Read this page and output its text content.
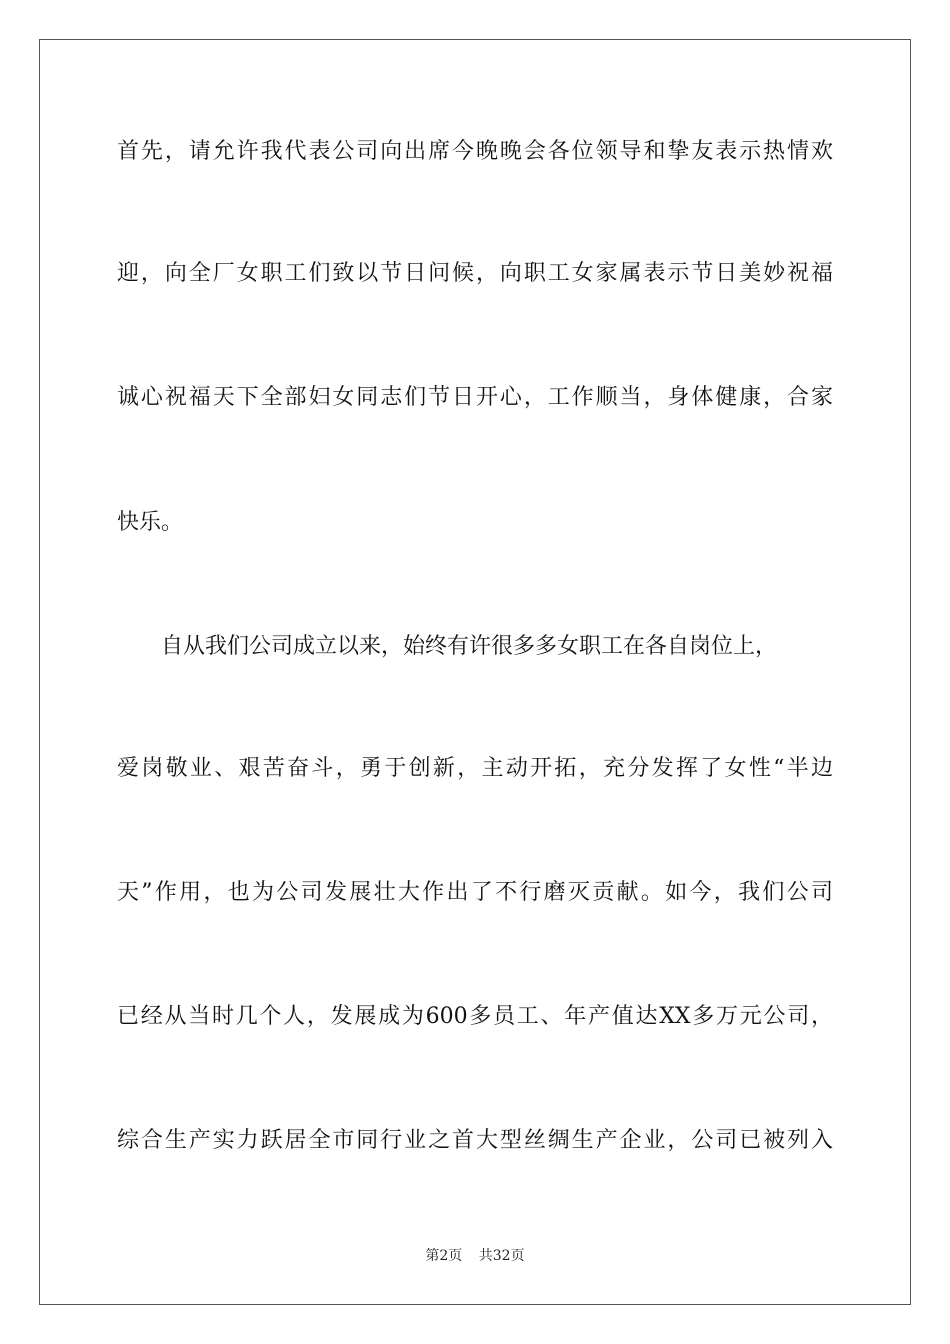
首先，请允许我代表公司向出席今晚晚会各位领导和挚友表示热情欢
迎，向全厂女职工们致以节日问候，向职工女家属表示节日美妙祝福
诚心祝福天下全部妇女同志们节日开心，工作顺当，身体健康，合家
快乐。
　　自从我们公司成立以来，始终有许很多多女职工在各自岗位上，
爱岗敬业、艰苦奋斗，勇于创新，主动开拓，充分发挥了女性“半边
天”作用，也为公司发展壮大作出了不行磨灭贡献。如今，我们公司
已经从当时几个人，发展成为600多员工、年产值达XX多万元公司，
综合生产实力跃居全市同行业之首大型丝绸生产企业，公司已被列入
第2页 共32页
